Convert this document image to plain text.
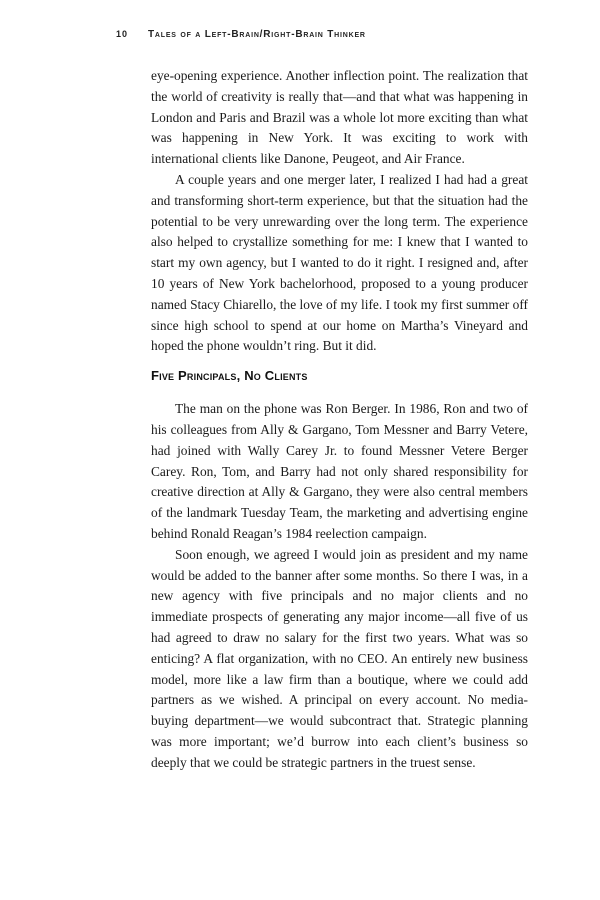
10 Tales of a Left-Brain/Right-Brain Thinker

eye-opening experience. Another inflection point. The realization that the world of creativity is really that—and that what was happening in London and Paris and Brazil was a whole lot more exciting than what was happening in New York. It was exciting to work with international clients like Danone, Peugeot, and Air France.

A couple years and one merger later, I realized I had had a great and transforming short-term experience, but that the situation had the potential to be very unrewarding over the long term. The experience also helped to crystallize something for me: I knew that I wanted to start my own agency, but I wanted to do it right. I resigned and, after 10 years of New York bachelorhood, proposed to a young producer named Stacy Chiarello, the love of my life. I took my first summer off since high school to spend at our home on Martha’s Vineyard and hoped the phone wouldn’t ring. But it did.

Five Principals, No Clients

The man on the phone was Ron Berger. In 1986, Ron and two of his colleagues from Ally & Gargano, Tom Messner and Barry Vetere, had joined with Wally Carey Jr. to found Messner Vetere Berger Carey. Ron, Tom, and Barry had not only shared responsibility for creative direction at Ally & Gargano, they were also central members of the landmark Tuesday Team, the marketing and advertising engine behind Ronald Reagan’s 1984 reelection campaign.

Soon enough, we agreed I would join as president and my name would be added to the banner after some months. So there I was, in a new agency with five principals and no major clients and no immediate prospects of generating any major income—all five of us had agreed to draw no salary for the first two years. What was so enticing? A flat organization, with no CEO. An entirely new business model, more like a law firm than a boutique, where we could add partners as we wished. A principal on every account. No media-buying department—we would subcontract that. Strategic planning was more important; we’d burrow into each client’s business so deeply that we could be strategic partners in the truest sense.
